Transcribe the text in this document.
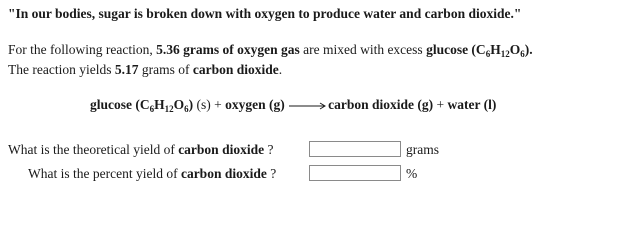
"In our bodies, sugar is broken down with oxygen to produce water and carbon dioxide."
For the following reaction, 5.36 grams of oxygen gas are mixed with excess glucose $(C_6H_{12}O_6)$.
The reaction yields 5.17 grams of carbon dioxide.
glucose $(C_6H_{12}O_6) (s)$ + oxygen (g) →carbon dioxide (g) + water (l)
What is the theoretical yield of carbon dioxide ?	grams
What is the percent yield of carbon dioxide ?	%
